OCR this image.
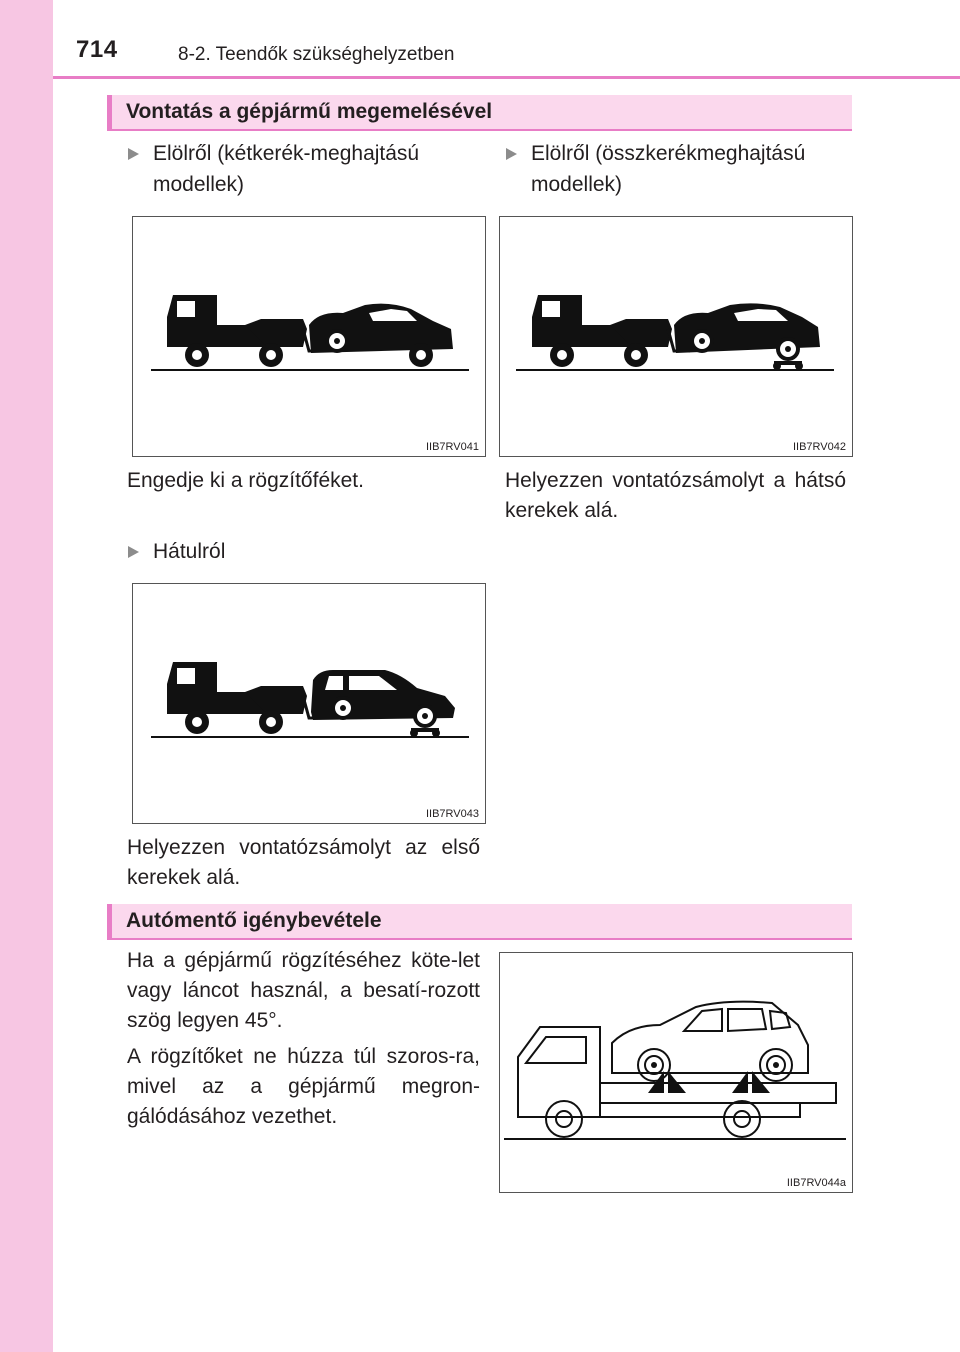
714	8-2. Teendők szükséghelyzetben
Vontatás a gépjármű megemelésével
Elölről (kétkerék-meghajtású modellek)
Elölről (összkerékmeghajtású modellek)
IIB7RV041	IIB7RV042
Engedje ki a rögzítőféket.	Helyezzen vontatózsámolyt a hátsó kerekek alá.
Hátulról
IIB7RV043
Helyezzen vontatózsámolyt az első kerekek alá.
Autómentő igénybevétele
Ha a gépjármű rögzítéséhez köte-let vagy láncot használ, a besatí-rozott szög legyen 45°.
A rögzítőket ne húzza túl szoros-ra, mivel az a gépjármű megron-gálódásához vezethet.
IIB7RV044a
